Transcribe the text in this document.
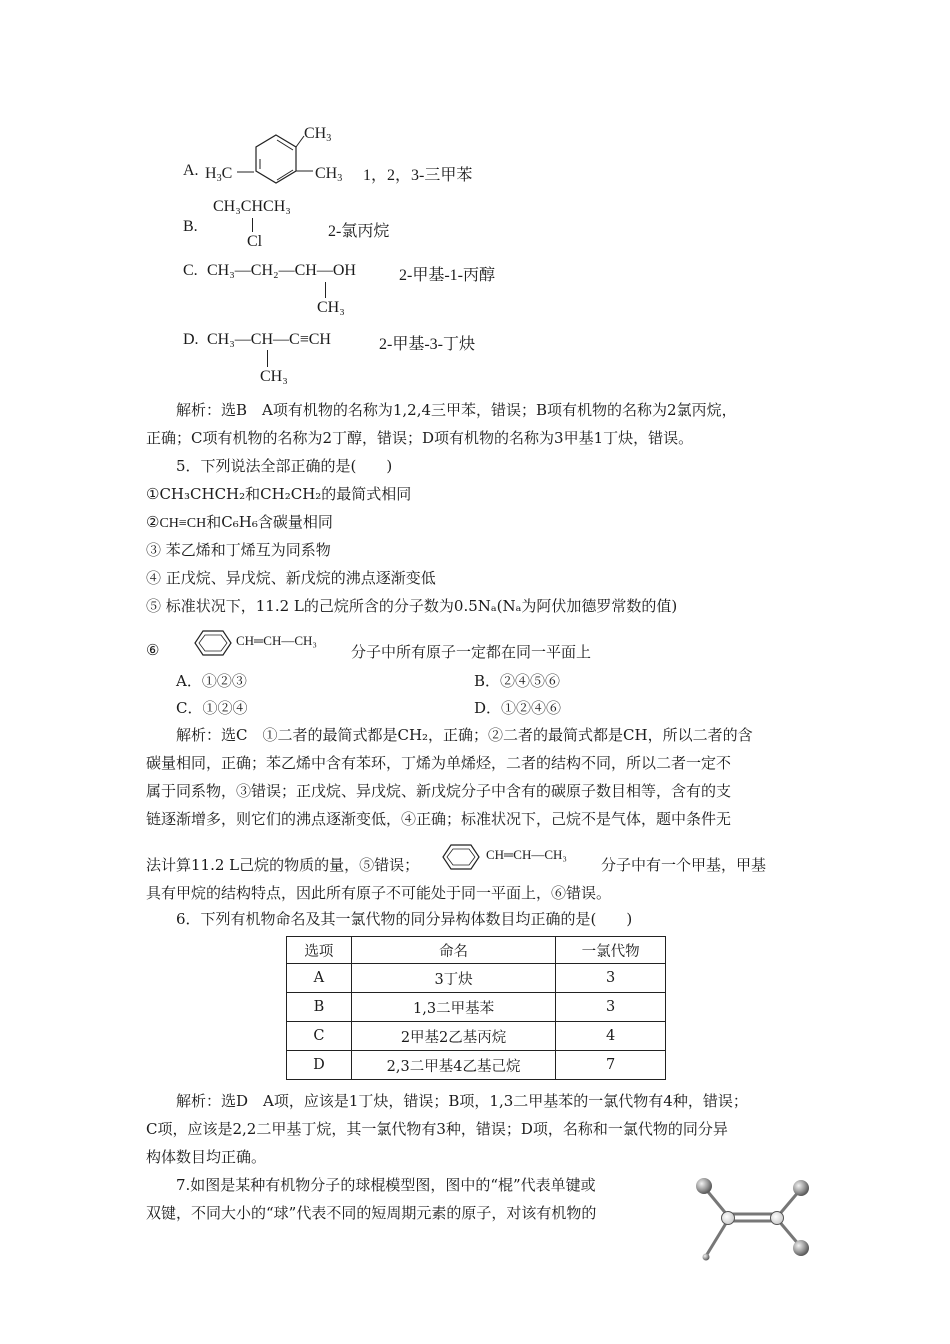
A. H3C
CH3
CH3 1，2，3-三甲苯
B.
CH₃CHCH₃
Cl
2-氯丙烷
C. CH₃—CH₂—CH—OH
CH₃
2-甲基-1-丙醇
D. CH₃—CH—C≡CH
CH₃
2-甲基-3-丁炔
解析：选B　A项有机物的名称为1,2,4三甲苯，错误；B项有机物的名称为2氯丙烷，
正确；C项有机物的名称为2丁醇，错误；D项有机物的名称为3甲基1丁炔，错误。
5．下列说法全部正确的是(　　)
①CH₃CHCH₂和CH₂CH₂的最简式相同
②CH≡CH和C₆H₆含碳量相同
③ 苯乙烯和丁烯互为同系物
④ 正戊烷、异戊烷、新戊烷的沸点逐渐变低
⑤ 标准状况下，11.2 L的己烷所含的分子数为0.5Nₐ(Nₐ为阿伏加德罗常数的值)
⑥
CH═CH—CH₃
分子中所有原子一定都在同一平面上
A．①②③	B．②④⑤⑥
C．①②④	D．①②④⑥
解析：选C　①二者的最简式都是CH₂，正确；②二者的最简式都是CH，所以二者的含
碳量相同，正确；苯乙烯中含有苯环，丁烯为单烯烃，二者的结构不同，所以二者一定不
属于同系物，③错误；正戊烷、异戊烷、新戊烷分子中含有的碳原子数目相等，含有的支
链逐渐增多，则它们的沸点逐渐变低，④正确；标准状况下，己烷不是气体，题中条件无
法计算11.2 L己烷的物质的量，⑤错误；
CH═CH—CH₃
分子中有一个甲基，甲基
具有甲烷的结构特点，因此所有原子不可能处于同一平面上，⑥错误。
6．下列有机物命名及其一氯代物的同分异构体数目均正确的是(　　)
选项	命名	一氯代物
A	3丁炔	3
B	1,3二甲基苯	3
C	2甲基2乙基丙烷	4
D	2,3二甲基4乙基己烷	7
解析：选D　A项，应该是1丁炔，错误；B项，1,3二甲基苯的一氯代物有4种，错误；
C项，应该是2,2二甲基丁烷，其一氯代物有3种，错误；D项，名称和一氯代物的同分异
构体数目均正确。
7.如图是某种有机物分子的球棍模型图，图中的“棍”代表单键或
双键，不同大小的“球”代表不同的短周期元素的原子，对该有机物的
